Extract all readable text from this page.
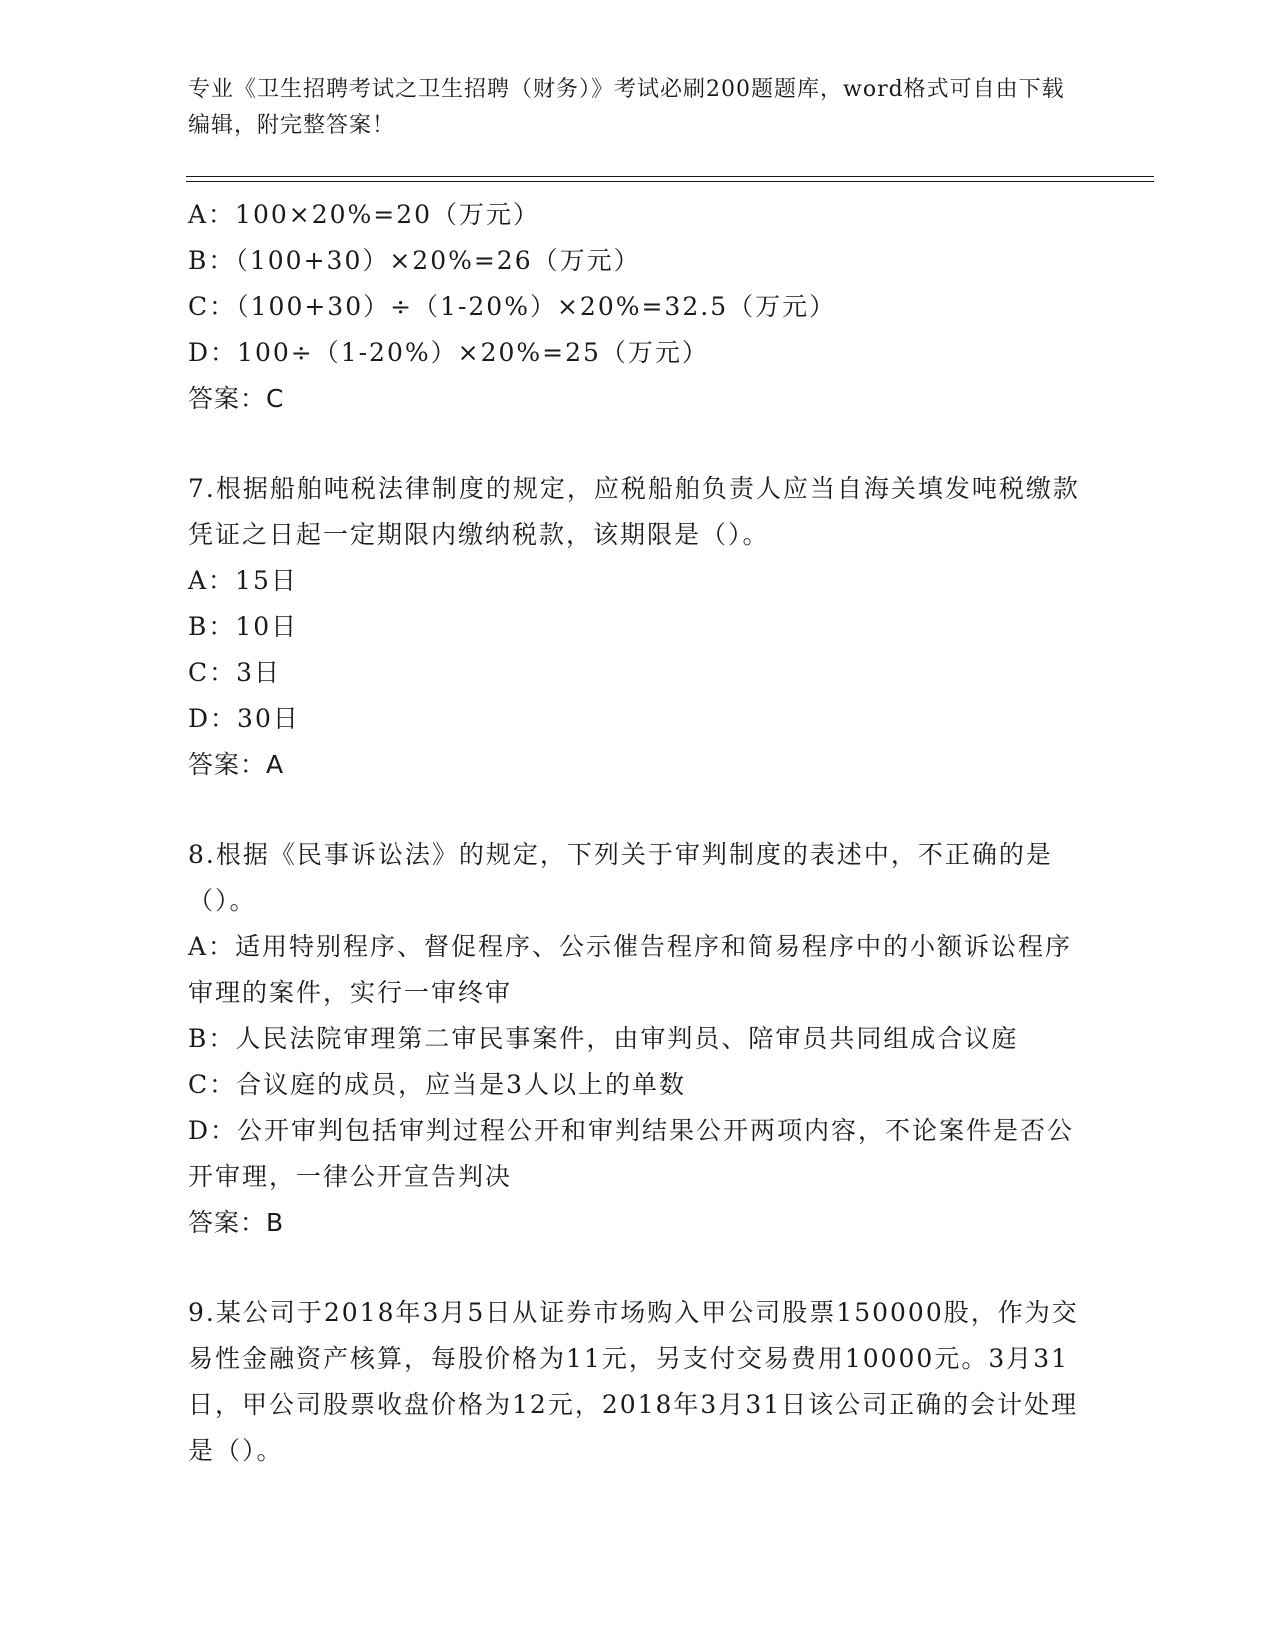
专业《卫生招聘考试之卫生招聘（财务）》考试必刷200题题库，word格式可自由下载编辑，附完整答案！
A：100×20%=20（万元）
B：（100+30）×20%=26（万元）
C：（100+30）÷（1-20%）×20%=32.5（万元）
D：100÷（1-20%）×20%=25（万元）
答案：C
7.根据船舶吨税法律制度的规定，应税船舶负责人应当自海关填发吨税缴款凭证之日起一定期限内缴纳税款，该期限是（）。
A：15日
B：10日
C：3日
D：30日
答案：A
8.根据《民事诉讼法》的规定，下列关于审判制度的表述中，不正确的是（）。
A：适用特别程序、督促程序、公示催告程序和简易程序中的小额诉讼程序审理的案件，实行一审终审
B：人民法院审理第二审民事案件，由审判员、陪审员共同组成合议庭
C：合议庭的成员，应当是3人以上的单数
D：公开审判包括审判过程公开和审判结果公开两项内容，不论案件是否公开审理，一律公开宣告判决
答案：B
9.某公司于2018年3月5日从证券市场购入甲公司股票150000股，作为交易性金融资产核算，每股价格为11元，另支付交易费用10000元。3月31日，甲公司股票收盘价格为12元，2018年3月31日该公司正确的会计处理是（）。
